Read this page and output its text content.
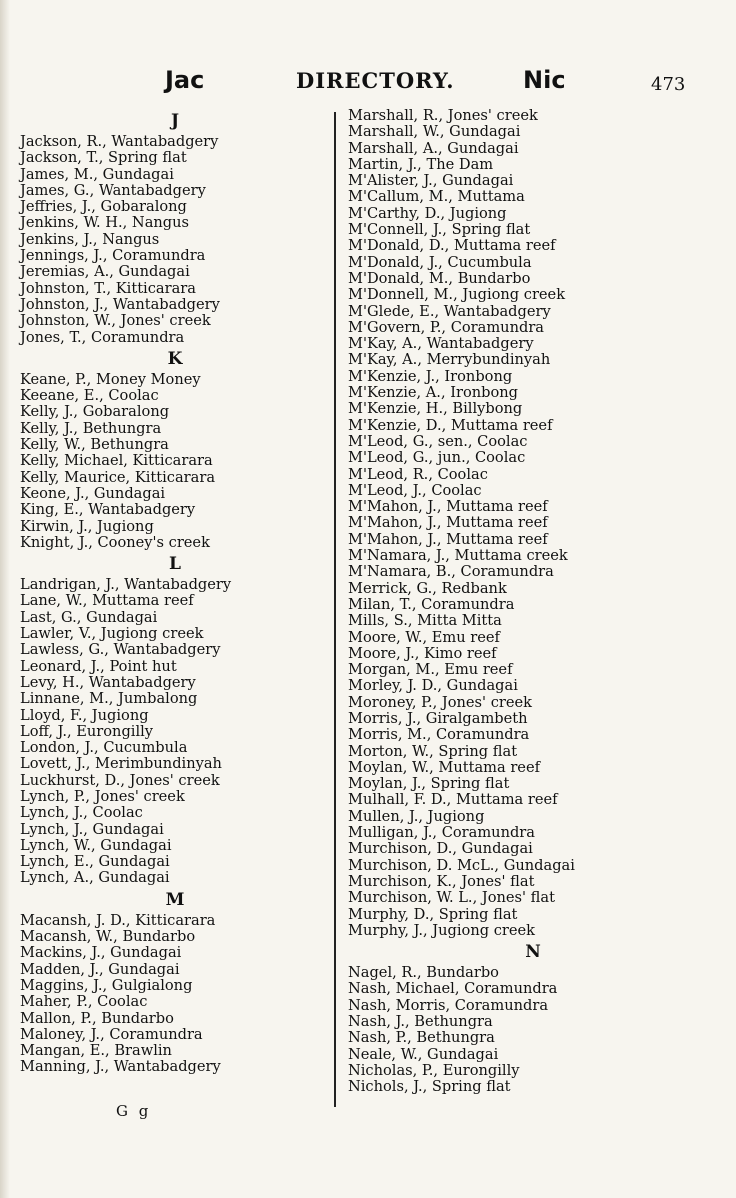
Jac	DIRECTORY.	Nic	473
J
Jackson, R., Wantabadgery
Jackson, T., Spring flat
James, M., Gundagai
James, G., Wantabadgery
Jeffries, J., Gobaralong
Jenkins, W. H., Nangus
Jenkins, J., Nangus
Jennings, J., Coramundra
Jeremias, A., Gundagai
Johnston, T., Kitticarara
Johnston, J., Wantabadgery
Johnston, W., Jones' creek
Jones, T., Coramundra
K
Keane, P., Money Money
Keeane, E., Coolac
Kelly, J., Gobaralong
Kelly, J., Bethungra
Kelly, W., Bethungra
Kelly, Michael, Kitticarara
Kelly, Maurice, Kitticarara
Keone, J., Gundagai
King, E., Wantabadgery
Kirwin, J., Jugiong
Knight, J., Cooney's creek
L
Landrigan, J., Wantabadgery
Lane, W., Muttama reef
Last, G., Gundagai
Lawler, V., Jugiong creek
Lawless, G., Wantabadgery
Leonard, J., Point hut
Levy, H., Wantabadgery
Linnane, M., Jumbalong
Lloyd, F., Jugiong
Loff, J., Eurongilly
London, J., Cucumbula
Lovett, J., Merimbundinyah
Luckhurst, D., Jones' creek
Lynch, P., Jones' creek
Lynch, J., Coolac
Lynch, J., Gundagai
Lynch, W., Gundagai
Lynch, E., Gundagai
Lynch, A., Gundagai
M
Macansh, J. D., Kitticarara
Macansh, W., Bundarbo
Mackins, J., Gundagai
Madden, J., Gundagai
Maggins, J., Gulgialong
Maher, P., Coolac
Mallon, P., Bundarbo
Maloney, J., Coramundra
Mangan, E., Brawlin
Manning, J., Wantabadgery
Marshall, R., Jones' creek
Marshall, W., Gundagai
Marshall, A., Gundagai
Martin, J., The Dam
M'Alister, J., Gundagai
M'Callum, M., Muttama
M'Carthy, D., Jugiong
M'Connell, J., Spring flat
M'Donald, D., Muttama reef
M'Donald, J., Cucumbula
M'Donald, M., Bundarbo
M'Donnell, M., Jugiong creek
M'Glede, E., Wantabadgery
M'Govern, P., Coramundra
M'Kay, A., Wantabadgery
M'Kay, A., Merrybundinyah
M'Kenzie, J., Ironbong
M'Kenzie, A., Ironbong
M'Kenzie, H., Billybong
M'Kenzie, D., Muttama reef
M'Leod, G., sen., Coolac
M'Leod, G., jun., Coolac
M'Leod, R., Coolac
M'Leod, J., Coolac
M'Mahon, J., Muttama reef
M'Mahon, J., Muttama reef
M'Mahon, J., Muttama reef
M'Namara, J., Muttama creek
M'Namara, B., Coramundra
Merrick, G., Redbank
Milan, T., Coramundra
Mills, S., Mitta Mitta
Moore, W., Emu reef
Moore, J., Kimo reef
Morgan, M., Emu reef
Morley, J. D., Gundagai
Moroney, P., Jones' creek
Morris, J., Giralgambeth
Morris, M., Coramundra
Morton, W., Spring flat
Moylan, W., Muttama reef
Moylan, J., Spring flat
Mulhall, F. D., Muttama reef
Mullen, J., Jugiong
Mulligan, J., Coramundra
Murchison, D., Gundagai
Murchison, D. McL., Gundagai
Murchison, K., Jones' flat
Murchison, W. L., Jones' flat
Murphy, D., Spring flat
Murphy, J., Jugiong creek
N
Nagel, R., Bundarbo
Nash, Michael, Coramundra
Nash, Morris, Coramundra
Nash, J., Bethungra
Nash, P., Bethungra
Neale, W., Gundagai
Nicholas, P., Eurongilly
Nichols, J., Spring flat
G g
